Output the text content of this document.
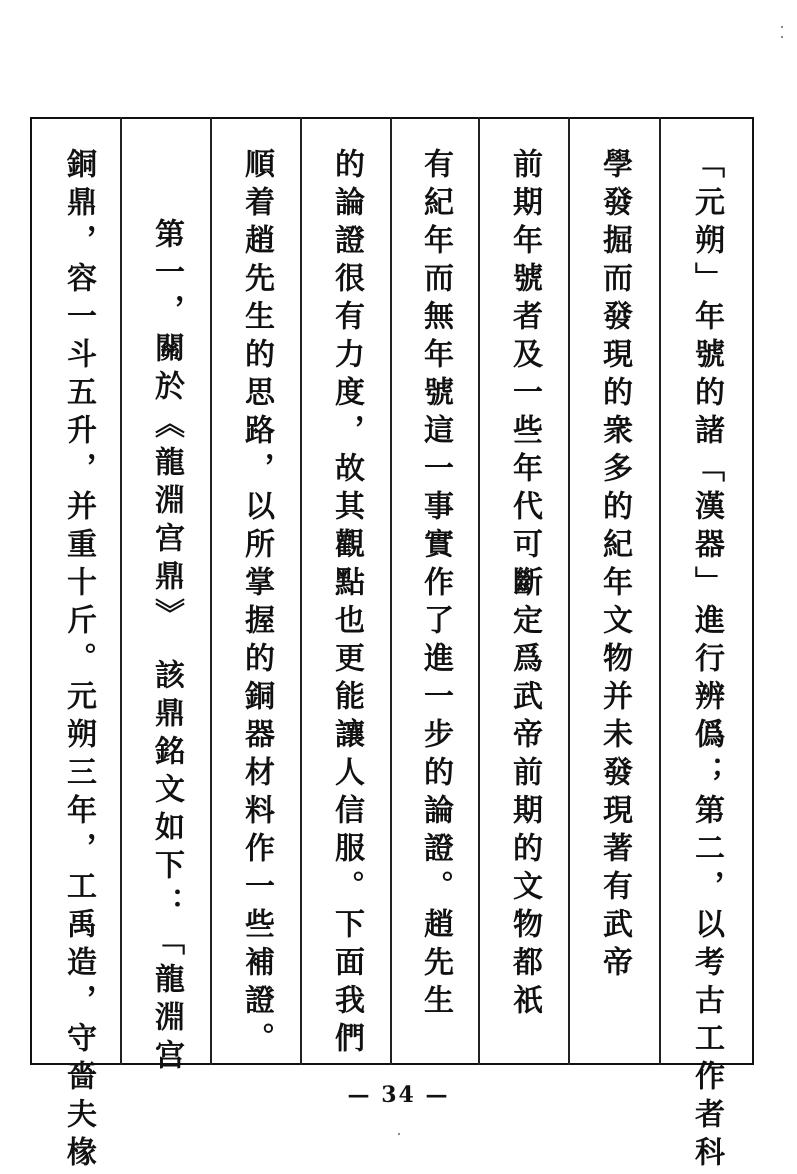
「元朔」年號的諸「漢器」進行辨僞；第二，以考古工作者科
學發掘而發現的衆多的紀年文物并未發現著有武帝
前期年號者及一些年代可斷定爲武帝前期的文物都祇
有紀年而無年號這一事實作了進一步的論證。趙先生
的論證很有力度，故其觀點也更能讓人信服。下面我們
順着趙先生的思路，以所掌握的銅器材料作一些補證。
第一，關於《龍淵宫鼎》　該鼎銘文如下：「龍淵宫
銅鼎，容一斗五升，并重十斤。元朔三年，工禹造，守嗇夫椽	— 34 —
